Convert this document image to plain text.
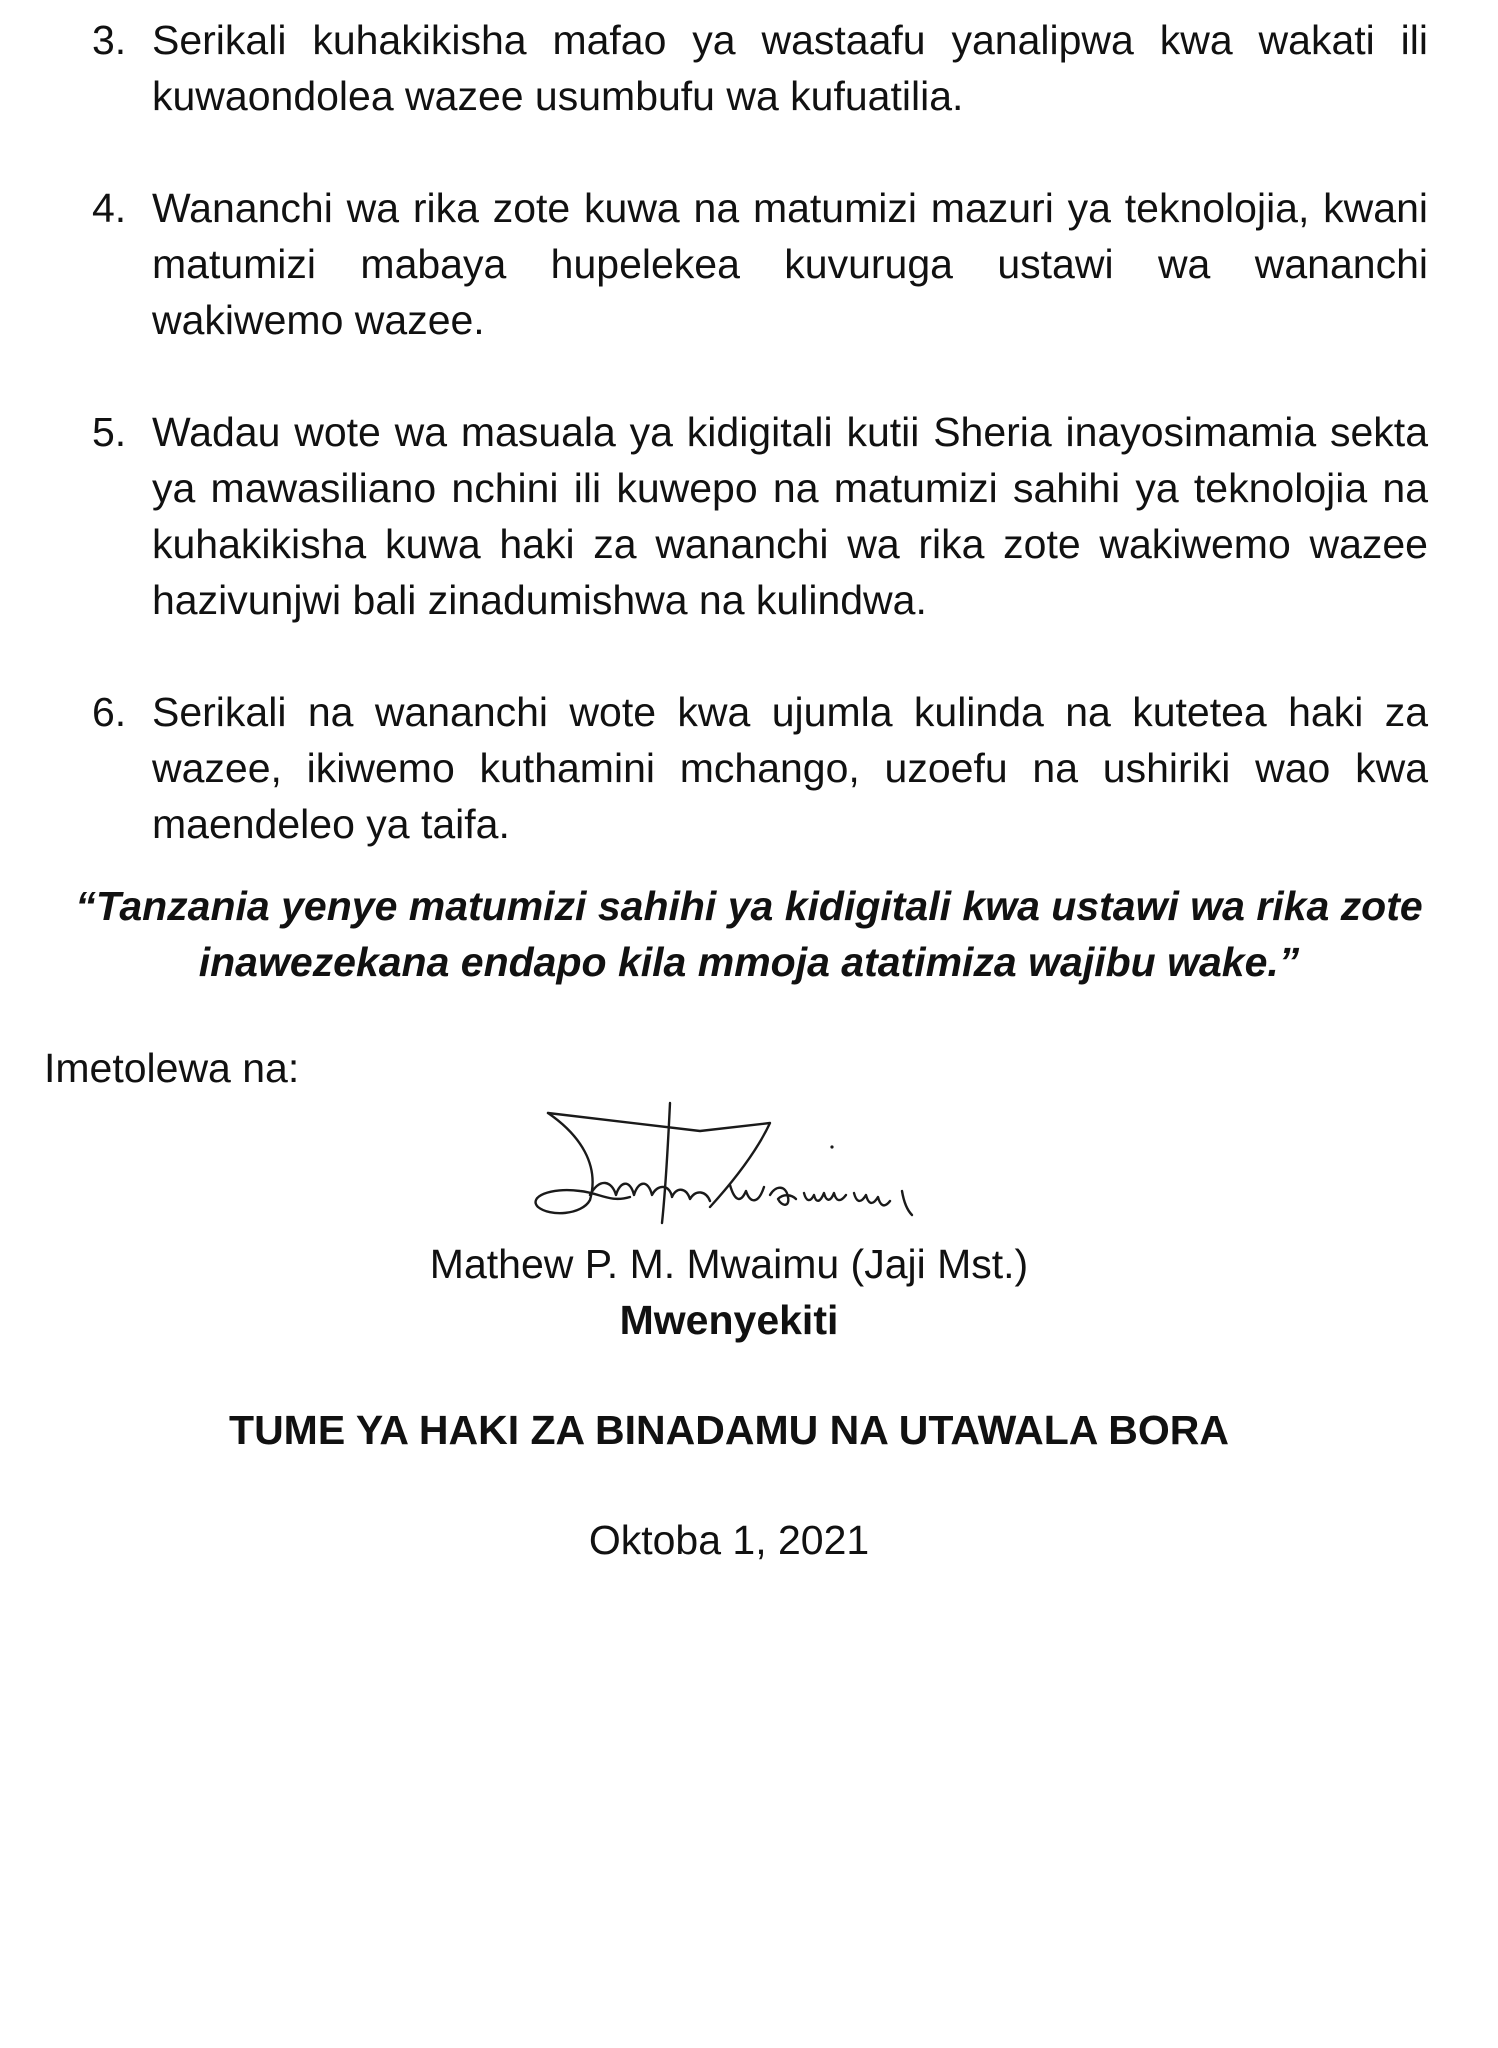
3. Serikali kuhakikisha mafao ya wastaafu yanalipwa kwa wakati ili kuwaondolea wazee usumbufu wa kufuatilia.
4. Wananchi wa rika zote kuwa na matumizi mazuri ya teknolojia, kwani matumizi mabaya hupelekea kuvuruga ustawi wa wananchi wakiwemo wazee.
5. Wadau wote wa masuala ya kidigitali kutii Sheria inayosimamia sekta ya mawasiliano nchini ili kuwepo na matumizi sahihi ya teknolojia na kuhakikisha kuwa haki za wananchi wa rika zote wakiwemo wazee hazivunjwi bali zinadumishwa na kulindwa.
6. Serikali na wananchi wote kwa ujumla kulinda na kutetea haki za wazee, ikiwemo kuthamini mchango, uzoefu na ushiriki wao kwa maendeleo ya taifa.

“Tanzania yenye matumizi sahihi ya kidigitali kwa ustawi wa rika zote inawezekana endapo kila mmoja atatimiza wajibu wake.”

Imetolewa na:

Mathew P. M. Mwaimu (Jaji Mst.)

Mwenyekiti

TUME YA HAKI ZA BINADAMU NA UTAWALA BORA

Oktoba 1, 2021
